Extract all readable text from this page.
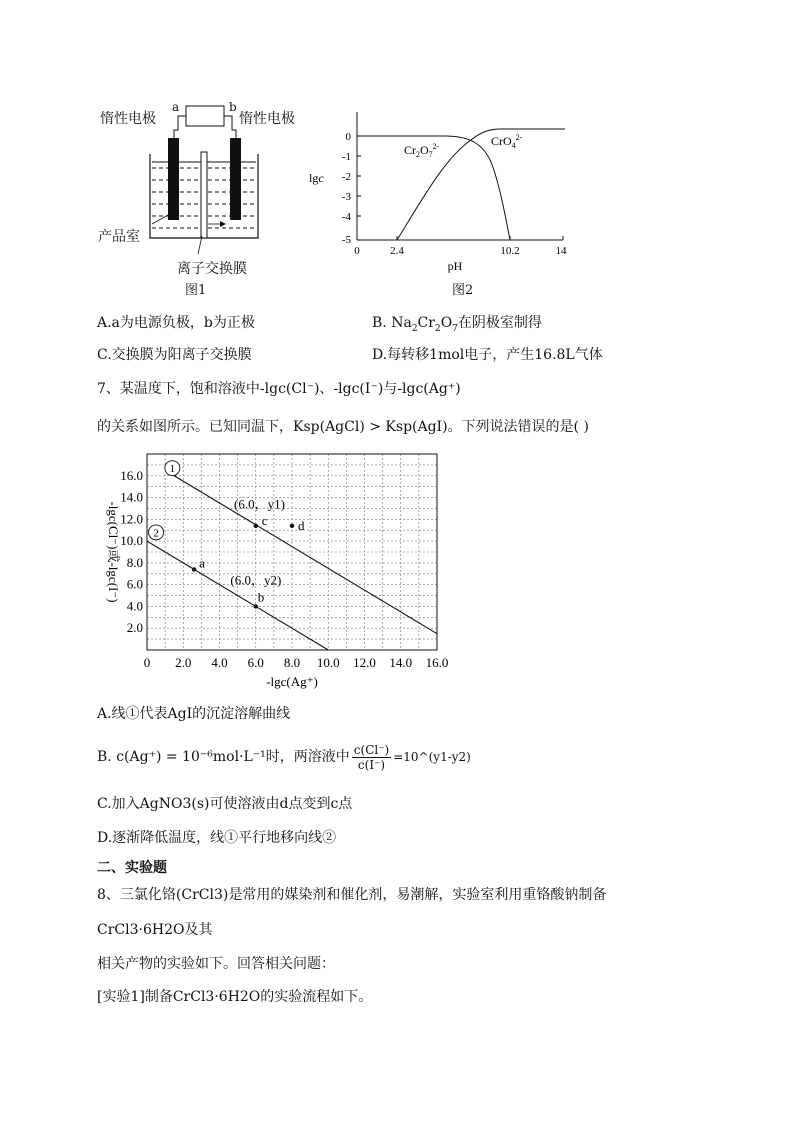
a	b
惰性电极	惰性电极
产品室
离子交换膜
图1
0
-1
-2
-3
-4
-5
0	2.4	10.2	14
lgc
pH
$Cr_2O_7^{2-}$	CrO$_4^{2-}$
图2
A.a为电源负极，b为正极	B. $Na_2Cr_2O_7$在阴极室制得
C.交换膜为阳离子交换膜	D.每转移1mol电子，产生16.8L气体
7、某温度下，饱和溶液中-lgc(Cl⁻)、-lgc(I⁻)与-lgc(Ag⁺)
的关系如图所示。已知同温下，Ksp(AgCl) > Ksp(AgI)。下列说法错误的是( )
0 2.0 4.0 6.0 8.0 10.0 12.0 14.0 16.0
2.0
4.0
6.0
8.0
10.0
12.0
14.0
16.0
-lgc(Ag⁺)
-lgc(Cl⁻)或-lgc(I⁻)
1
2
a
b
c d
(6.0，y1)
(6.0，y2)
A.线①代表AgI的沉淀溶解曲线
B. c(Ag⁺) = 10⁻⁶mol·L⁻¹时，两溶液中 $\frac{c(Cl^-)}{c(I^-)}$ =10^(y1-y2)
C.加入AgNO3(s)可使溶液由d点变到c点
D.逐渐降低温度，线①平行地移向线②
二、实验题
8、三氯化铬(CrCl3)是常用的媒染剂和催化剂，易潮解，实验室利用重铬酸钠制备
CrCl3·6H2O及其
相关产物的实验如下。回答相关问题：
[实验1]制备CrCl3·6H2O的实验流程如下。
